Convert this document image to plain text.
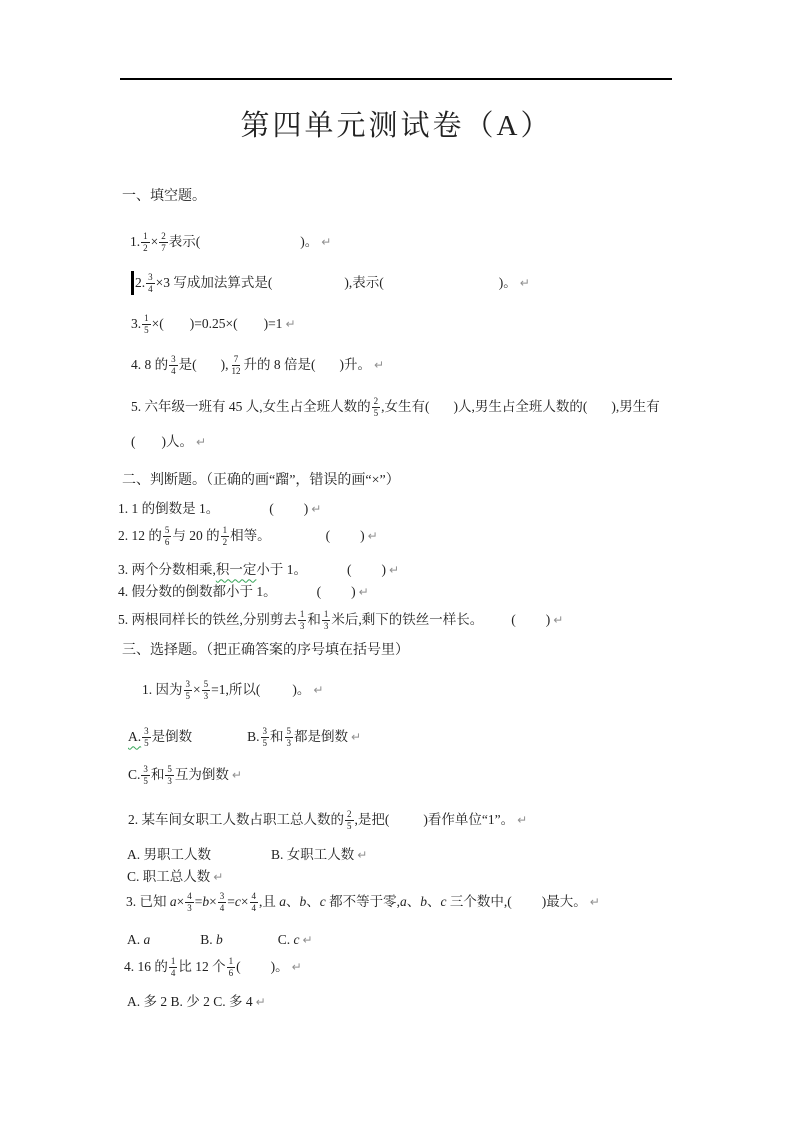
第四单元测试卷（A）
一、填空题。
1. $\frac{1}{2} \times \frac{2}{7}$ 表示(	)。 ↵
2. $\frac{3}{4} \times 3$ 写成加法算式是(	),表示(	)。 ↵
3. $\frac{1}{5}$ ×( )=0.25×( )=1 ↵
4. 8 的 $\frac{3}{4}$ 是( ), $\frac{7}{12}$ 升的 8 倍是( )升。 ↵
5. 六年级一班有 45 人,女生占全班人数的 $\frac{2}{5}$ ,女生有( )人,男生占全班人数的( ),男生有
( )人。 ↵
二、判断题。（正确的画“蹓”，错误的画“×”）
1. 1 的倒数是 1。	( ) ↵
2. 12 的 $\frac{5}{6}$ 与 20 的 $\frac{1}{2}$ 相等。	( ) ↵
3. 两个分数相乘, 积一定 小于 1。	( ) ↵
4. 假分数的倒数都小于 1。	( ) ↵
5. 两根同样长的铁丝,分别剪去 $\frac{1}{3}$ 和 $\frac{1}{3}$ 米后,剩下的铁丝一样长。 ( ) ↵
三、选择题。（把正确答案的序号填在括号里）
1. 因为 $\frac{3}{5} \times \frac{5}{3} =1$,所以( )。 ↵
A. $\frac{3}{5}$ 是倒数	B. $\frac{3}{5}$ 和 $\frac{5}{3}$ 都是倒数 ↵
C. $\frac{3}{5}$ 和 $\frac{5}{3}$ 互为倒数 ↵
2. 某车间女职工人数占职工总人数的 $\frac{2}{5}$ ,是把(	)看作单位“1”。 ↵
A. 男职工人数	B. 女职工人数 ↵
C. 职工总人数 ↵
3. 已知 $a \times \frac{4}{3} = b \times \frac{3}{4} = c \times \frac{4}{4}$ ,且 a 、 b 、 c 都不等于零, a 、 b 、 c 三个数中,( )最大。 ↵
A. a	B. b	C. c ↵
4. 16 的 $\frac{1}{4}$ 比 12 个 $\frac{1}{6}$ ( )。 ↵
A. 多 2 B. 少 2 C. 多 4 ↵
